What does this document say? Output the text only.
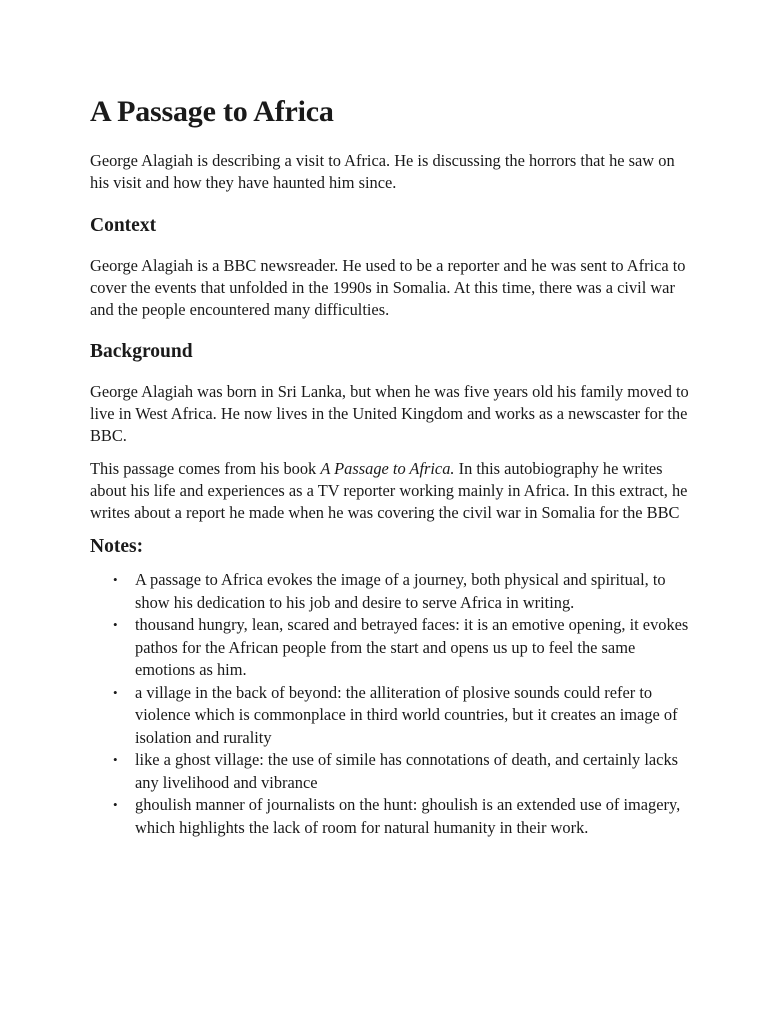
A Passage to Africa

George Alagiah is describing a visit to Africa. He is discussing the horrors that he saw on his visit and how they have haunted him since.

Context

George Alagiah is a BBC newsreader. He used to be a reporter and he was sent to Africa to cover the events that unfolded in the 1990s in Somalia. At this time, there was a civil war and the people encountered many difficulties.

Background

George Alagiah was born in Sri Lanka, but when he was five years old his family moved to live in West Africa. He now lives in the United Kingdom and works as a newscaster for the BBC.

This passage comes from his book A Passage to Africa. In this autobiography he writes about his life and experiences as a TV reporter working mainly in Africa. In this extract, he writes about a report he made when he was covering the civil war in Somalia for the BBC

Notes:
• A passage to Africa evokes the image of a journey, both physical and spiritual, to show his dedication to his job and desire to serve Africa in writing.
• thousand hungry, lean, scared and betrayed faces: it is an emotive opening, it evokes pathos for the African people from the start and opens us up to feel the same emotions as him.
• a village in the back of beyond: the alliteration of plosive sounds could refer to violence which is commonplace in third world countries, but it creates an image of isolation and rurality
• like a ghost village: the use of simile has connotations of death, and certainly lacks any livelihood and vibrance
• ghoulish manner of journalists on the hunt: ghoulish is an extended use of imagery, which highlights the lack of room for natural humanity in their work.
